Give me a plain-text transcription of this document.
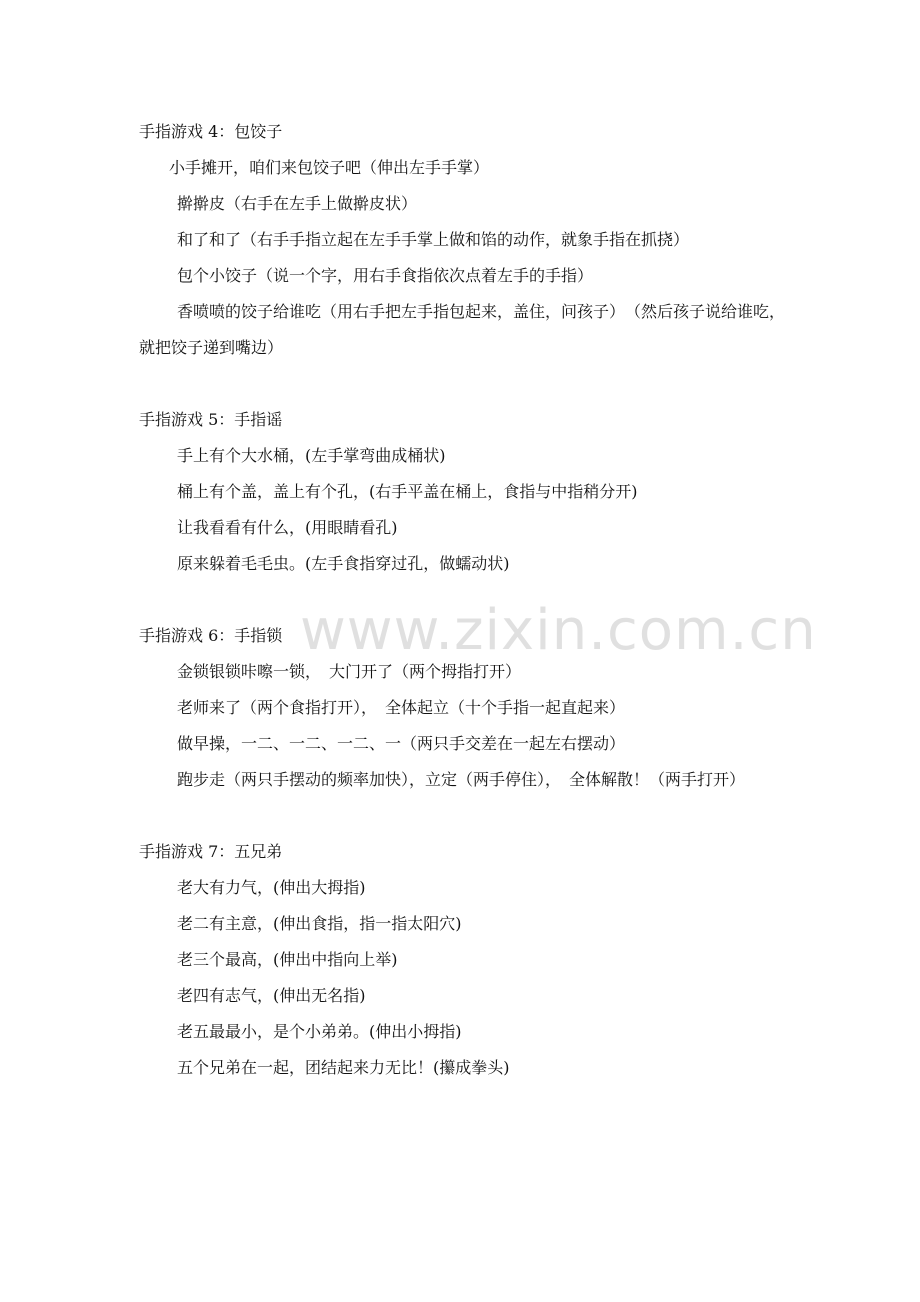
www.zixin.com.cn
手指游戏 4：包饺子
小手摊开，咱们来包饺子吧（伸出左手手掌）
擀擀皮（右手在左手上做擀皮状）
和了和了（右手手指立起在左手手掌上做和馅的动作，就象手指在抓挠）
包个小饺子（说一个字，用右手食指依次点着左手的手指）
香喷喷的饺子给谁吃（用右手把左手指包起来，盖住，问孩子）　（然后孩子说给谁吃，就把饺子递到嘴边）
手指游戏 5：手指谣
手上有个大水桶，(左手掌弯曲成桶状)
桶上有个盖，盖上有个孔，(右手平盖在桶上，食指与中指稍分开)
让我看看有什么，(用眼睛看孔)
原来躲着毛毛虫。(左手食指穿过孔，做蠕动状)
手指游戏 6：手指锁
金锁银锁咔嚓一锁，　大门开了（两个拇指打开）
老师来了（两个食指打开），　全体起立（十个手指一起直起来）
做早操，一二、一二、一二、一（两只手交差在一起左右摆动）
跑步走（两只手摆动的频率加快），立定（两手停住），　全体解散！（两手打开）
手指游戏 7：五兄弟
老大有力气，(伸出大拇指)
老二有主意，(伸出食指，指一指太阳穴)
老三个最高，(伸出中指向上举)
老四有志气，(伸出无名指)
老五最最小，是个小弟弟。(伸出小拇指)
五个兄弟在一起，团结起来力无比！(攥成拳头)
